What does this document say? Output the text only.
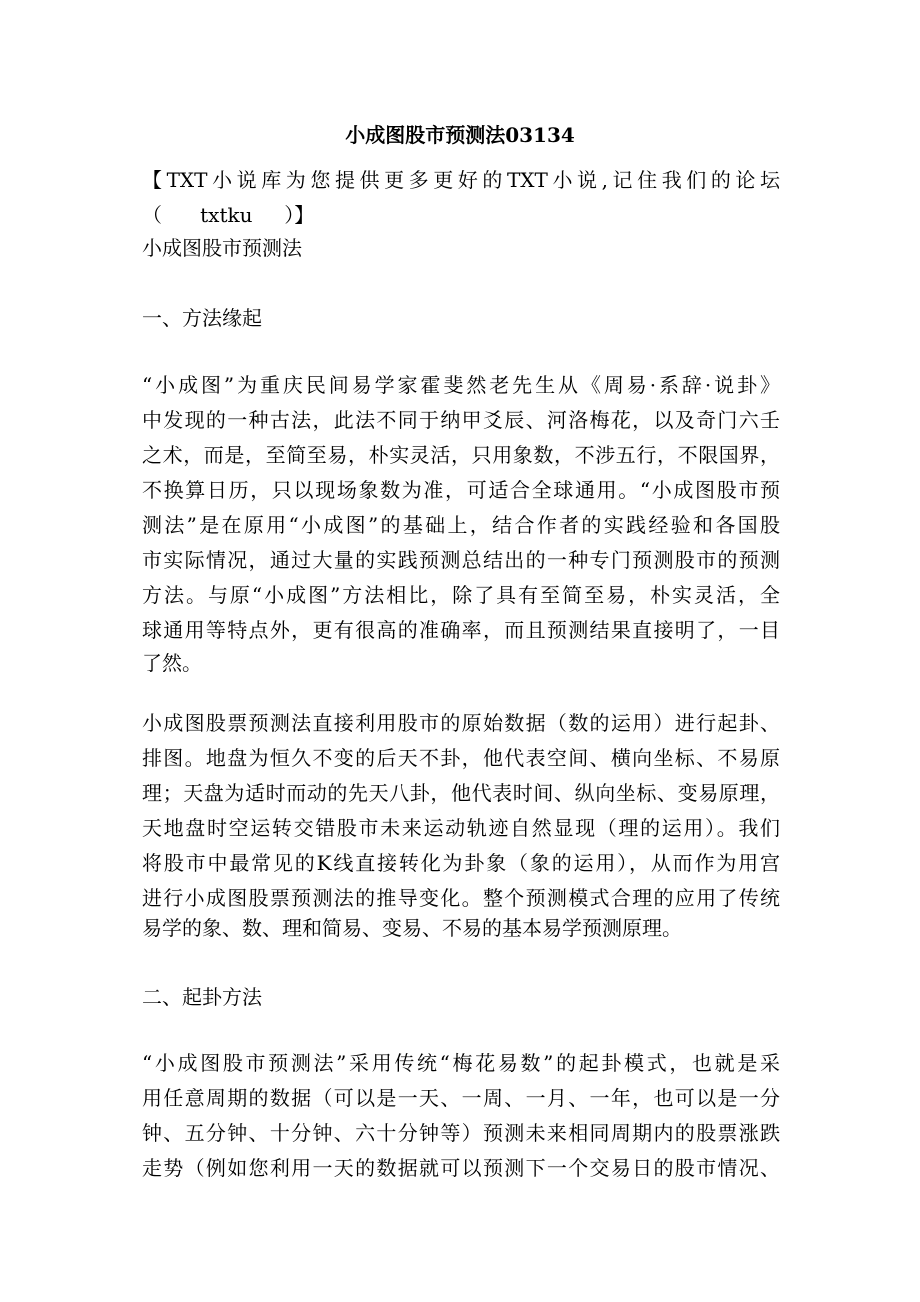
小成图股市预测法03134
【TXT小说库为您提供更多更好的TXT小说,记住我们的论坛
（      txtku     ）】
小成图股市预测法
一、方法缘起
“小成图”为重庆民间易学家霍斐然老先生从《周易·系辞·说卦》
中发现的一种古法，此法不同于纳甲爻辰、河洛梅花，以及奇门六壬
之术，而是，至简至易，朴实灵活，只用象数，不涉五行，不限国界，
不换算日历，只以现场象数为准，可适合全球通用。“小成图股市预
测法”是在原用“小成图”的基础上，结合作者的实践经验和各国股
市实际情况，通过大量的实践预测总结出的一种专门预测股市的预测
方法。与原“小成图”方法相比，除了具有至简至易，朴实灵活，全
球通用等特点外，更有很高的准确率，而且预测结果直接明了，一目
了然。
小成图股票预测法直接利用股市的原始数据（数的运用）进行起卦、
排图。地盘为恒久不变的后天不卦，他代表空间、横向坐标、不易原
理；天盘为适时而动的先天八卦，他代表时间、纵向坐标、变易原理，
天地盘时空运转交错股市未来运动轨迹自然显现（理的运用）。我们
将股市中最常见的K线直接转化为卦象（象的运用），从而作为用宫
进行小成图股票预测法的推导变化。整个预测模式合理的应用了传统
易学的象、数、理和简易、变易、不易的基本易学预测原理。
二、起卦方法
“小成图股市预测法”采用传统“梅花易数”的起卦模式，也就是采
用任意周期的数据（可以是一天、一周、一月、一年，也可以是一分
钟、五分钟、十分钟、六十分钟等）预测未来相同周期内的股票涨跌
走势（例如您利用一天的数据就可以预测下一个交易日的股市情况、
